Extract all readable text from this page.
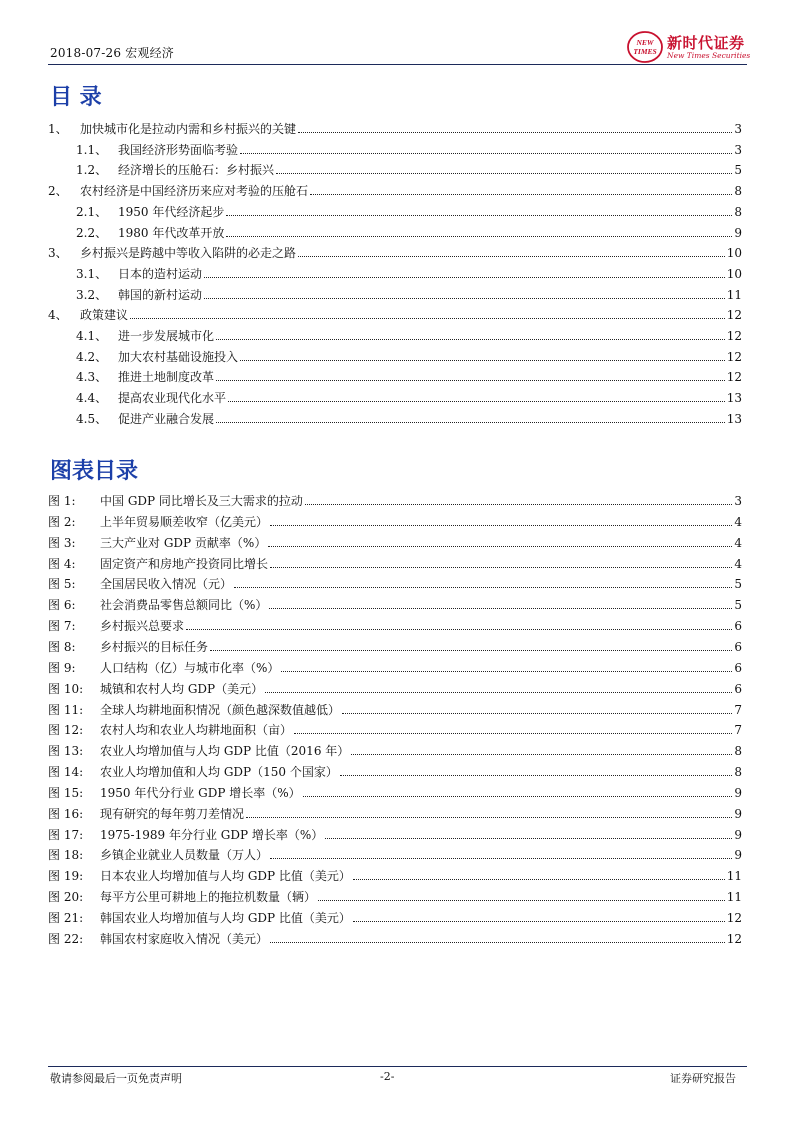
2018-07-26 宏观经济
NEW
TIMES 新时代证券
New Times Securities
目 录
1、	加快城市化是拉动内需和乡村振兴的关键	3
1.1、 我国经济形势面临考验	3
1.2、 经济增长的压舱石：乡村振兴	5
2、	农村经济是中国经济历来应对考验的压舱石	8
2.1、 1950 年代经济起步	8
2.2、 1980 年代改革开放	9
3、	乡村振兴是跨越中等收入陷阱的必走之路	10
3.1、 日本的造村运动	10
3.2、 韩国的新村运动	11
4、	政策建议	12
4.1、 进一步发展城市化	12
4.2、 加大农村基础设施投入	12
4.3、 推进土地制度改革	12
4.4、 提高农业现代化水平	13
4.5、 促进产业融合发展	13
图表目录
图 1:	中国 GDP 同比增长及三大需求的拉动	3
图 2:	上半年贸易顺差收窄（亿美元）	4
图 3:	三大产业对 GDP 贡献率（%）	4
图 4:	固定资产和房地产投资同比增长	4
图 5:	全国居民收入情况（元）	5
图 6:	社会消费品零售总额同比（%）	5
图 7:	乡村振兴总要求	6
图 8:	乡村振兴的目标任务	6
图 9:	人口结构（亿）与城市化率（%）	6
图 10:	城镇和农村人均 GDP（美元）	6
图 11:	全球人均耕地面积情况（颜色越深数值越低）	7
图 12:	农村人均和农业人均耕地面积（亩）	7
图 13:	农业人均增加值与人均 GDP 比值（2016 年）	8
图 14:	农业人均增加值和人均 GDP（150 个国家）	8
图 15:	1950 年代分行业 GDP 增长率（%）	9
图 16:	现有研究的每年剪刀差情况	9
图 17:	1975-1989 年分行业 GDP 增长率（%）	9
图 18:	乡镇企业就业人员数量（万人）	9
图 19:	日本农业人均增加值与人均 GDP 比值（美元）	11
图 20:	每平方公里可耕地上的拖拉机数量（辆）	11
图 21:	韩国农业人均增加值与人均 GDP 比值（美元）	12
图 22:	韩国农村家庭收入情况（美元）	12
敬请参阅最后一页免责声明	-2-	证券研究报告
